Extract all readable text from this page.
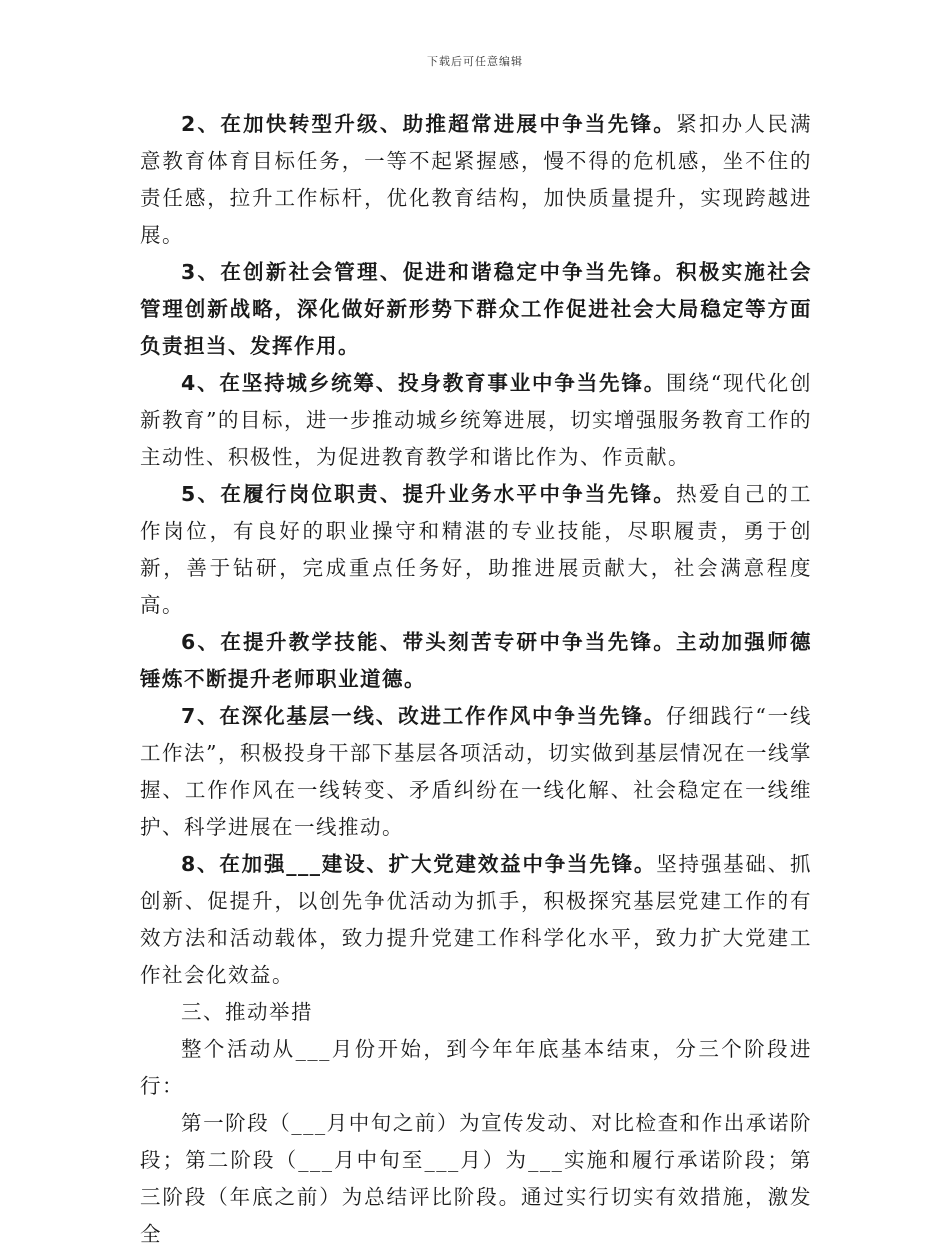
下载后可任意编辑

2、在加快转型升级、助推超常进展中争当先锋。紧扣办人民满意教育体育目标任务，一等不起紧握感，慢不得的危机感，坐不住的责任感，拉升工作标杆，优化教育结构，加快质量提升，实现跨越进展。

3、在创新社会管理、促进和谐稳定中争当先锋。积极实施社会管理创新战略，深化做好新形势下群众工作促进社会大局稳定等方面负责担当、发挥作用。

4、在坚持城乡统筹、投身教育事业中争当先锋。围绕“现代化创新教育”的目标，进一步推动城乡统筹进展，切实增强服务教育工作的主动性、积极性，为促进教育教学和谐比作为、作贡献。

5、在履行岗位职责、提升业务水平中争当先锋。热爱自己的工作岗位，有良好的职业操守和精湛的专业技能，尽职履责，勇于创新，善于钻研，完成重点任务好，助推进展贡献大，社会满意程度高。

6、在提升教学技能、带头刻苦专研中争当先锋。主动加强师德锤炼不断提升老师职业道德。

7、在深化基层一线、改进工作作风中争当先锋。仔细践行“一线工作法”，积极投身干部下基层各项活动，切实做到基层情况在一线掌握、工作作风在一线转变、矛盾纠纷在一线化解、社会稳定在一线维护、科学进展在一线推动。

8、在加强___建设、扩大党建效益中争当先锋。坚持强基础、抓创新、促提升，以创先争优活动为抓手，积极探究基层党建工作的有效方法和活动载体，致力提升党建工作科学化水平，致力扩大党建工作社会化效益。

三、推动举措

整个活动从___月份开始，到今年年底基本结束，分三个阶段进行：

第一阶段（___月中旬之前）为宣传发动、对比检查和作出承诺阶段；第二阶段（___月中旬至___月）为___实施和履行承诺阶段；第三阶段（年底之前）为总结评比阶段。通过实行切实有效措施，激发全
